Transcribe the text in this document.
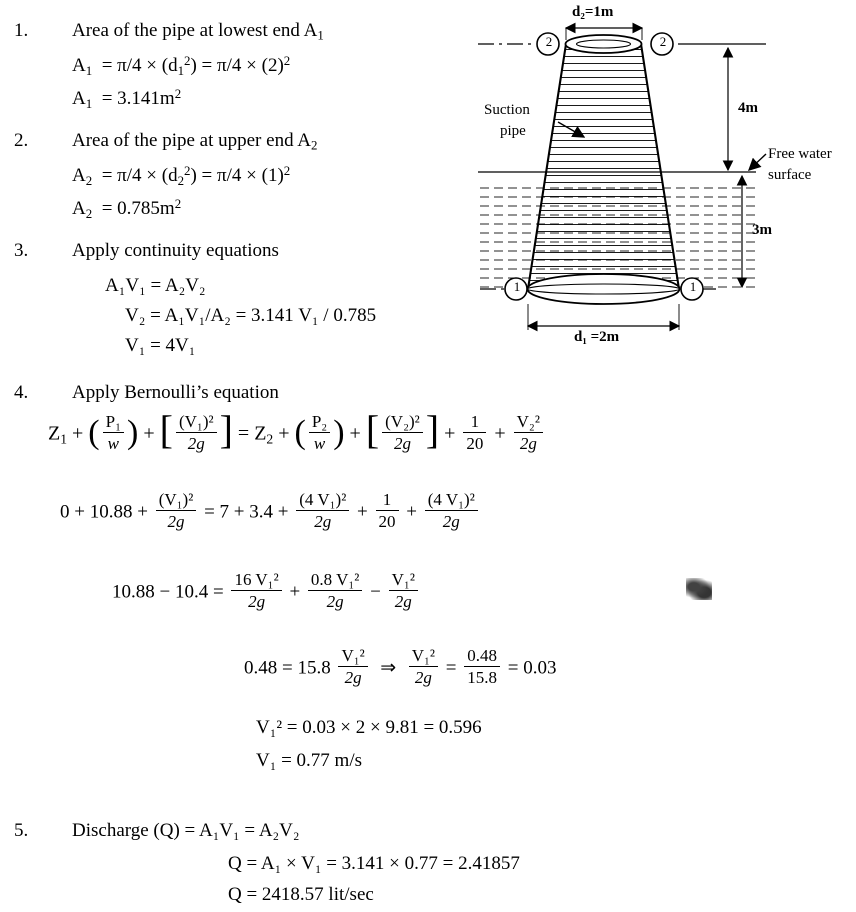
1. Area of the pipe at lowest end $A_1$
$A_1 = \pi/4 \times (d_1^2) = \pi/4 \times (2)^2$
$A_1 = 3.141m^2$
2. Area of the pipe at upper end $A_2$
$A_2 = \pi/4 \times (d_2^2) = \pi/4 \times (1)^2$
$A_2 = 0.785m^2$
3. Apply continuity equations
A₁V₁ = A₂V₂
V₂ = A₁V₁/A₂ = 3.141 V₁ / 0.785
V₁ = 4V₁
4. Apply Bernoulli’s equation
$Z_1$ + ( $\frac{\text{P₁}}{w}$ ) + [ $\frac{\text{(V₁)²}}{2g}$ ] = $Z_2$ + ( $\frac{\text{P₂}}{w}$ ) + [ $\frac{\text{(V₂)²}}{2g}$ ] + $\frac{1}{20} + \frac{\text{V₂²}}{2g}$
$0 + 10.88 + \frac{\text{(V₁)²}}{2g} = 7 + 3.4 + \frac{\text{(4 V₁)²}}{2g} + \frac{1}{20} + \frac{\text{(4 V₁)²}}{2g}$
$10.88 - 10.4 = \frac{\text{16 V₁²}}{2g} + \frac{\text{0.8 V₁²}}{2g} - \frac{\text{V₁²}}{2g}$
$0.48 = 15.8 \frac{\text{V₁²}}{2g}$ ⇒ $\frac{\text{V₁²}}{2g} = \frac{0.48}{15.8} = 0.03$
V₁² = 0.03 × 2 × 9.81 = 0.596
V₁ = 0.77 m/s
5. Discharge (Q) = A₁V₁ = A₂V₂
Q = A₁ × V₁ = 3.141 × 0.77 = 2.41857
Q = 2418.57 lit/sec
2	2
1	1
d₂=1m
d₁ =2m
4m
3m
Suction
pipe
Free water
surface
